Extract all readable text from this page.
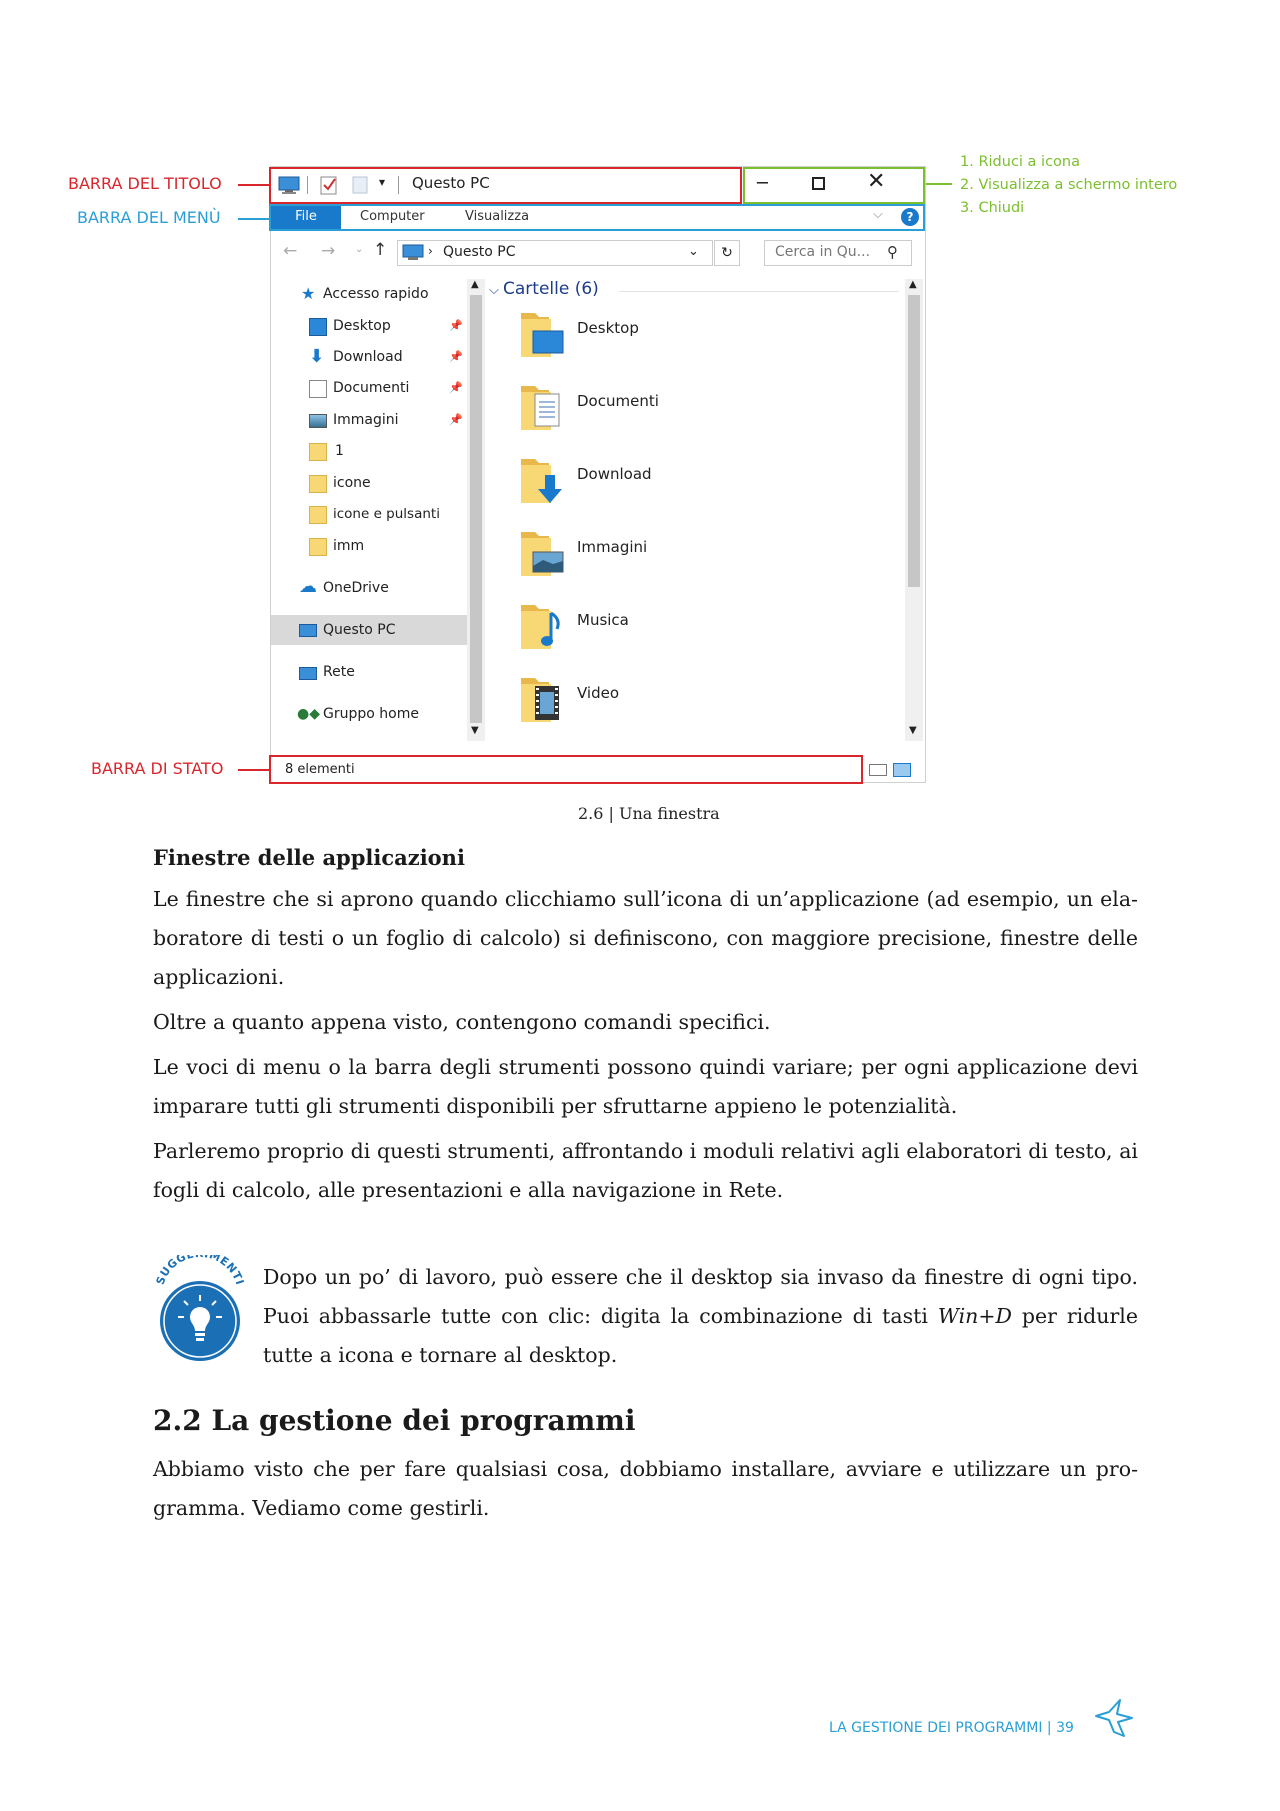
BARRA DEL TITOLO
BARRA DEL MENÙ
BARRA DI STATO
1. Riduci a icona
2. Visualizza a schermo intero
3. Chiudi
▾ Questo PC	─	✕
File	Computer	Visualizza	⌵	?
← → ⌄ ↑	› Questo PC	⌄	↻	Cerca in Qu... ⚲
★ Accesso rapido
Desktop	📌
⬇ Download	📌
Documenti	📌
Immagini	📌
1
icone
icone e pulsanti
imm
☁ OneDrive
Questo PC
Rete
●◆ Gruppo home
▲
▼
⌵ Cartelle (6)
Desktop
Documenti
Download
Immagini
Musica
Video
▲
▼
8 elementi
2.6 | Una finestra
Finestre delle applicazioni

Le finestre che si aprono quando clicchiamo sull’icona di un’applicazione (ad esempio, un ela-boratore di testi o un foglio di calcolo) si definiscono, con maggiore precisione, finestre delle applicazioni.

Oltre a quanto appena visto, contengono comandi specifici.

Le voci di menu o la barra degli strumenti possono quindi variare; per ogni applicazione devi imparare tutti gli strumenti disponibili per sfruttarne appieno le potenzialità.

Parleremo proprio di questi strumenti, affrontando i moduli relativi agli elaboratori di testo, ai fogli di calcolo, alle presentazioni e alla navigazione in Rete.

SUGG MENTI Dopo un po’ di lavoro, può essere che il desktop sia invaso da finestre di ogni tipo. Puoi abbassarle tutte con clic: digita la combinazione di tasti Win+D per ridurle tutte a icona e tornare al desktop.

2.2 La gestione dei programmi

Abbiamo visto che per fare qualsiasi cosa, dobbiamo installare, avviare e utilizzare un pro-gramma. Vediamo come gestirli.

LA GESTIONE DEI PROGRAMMI | 39
